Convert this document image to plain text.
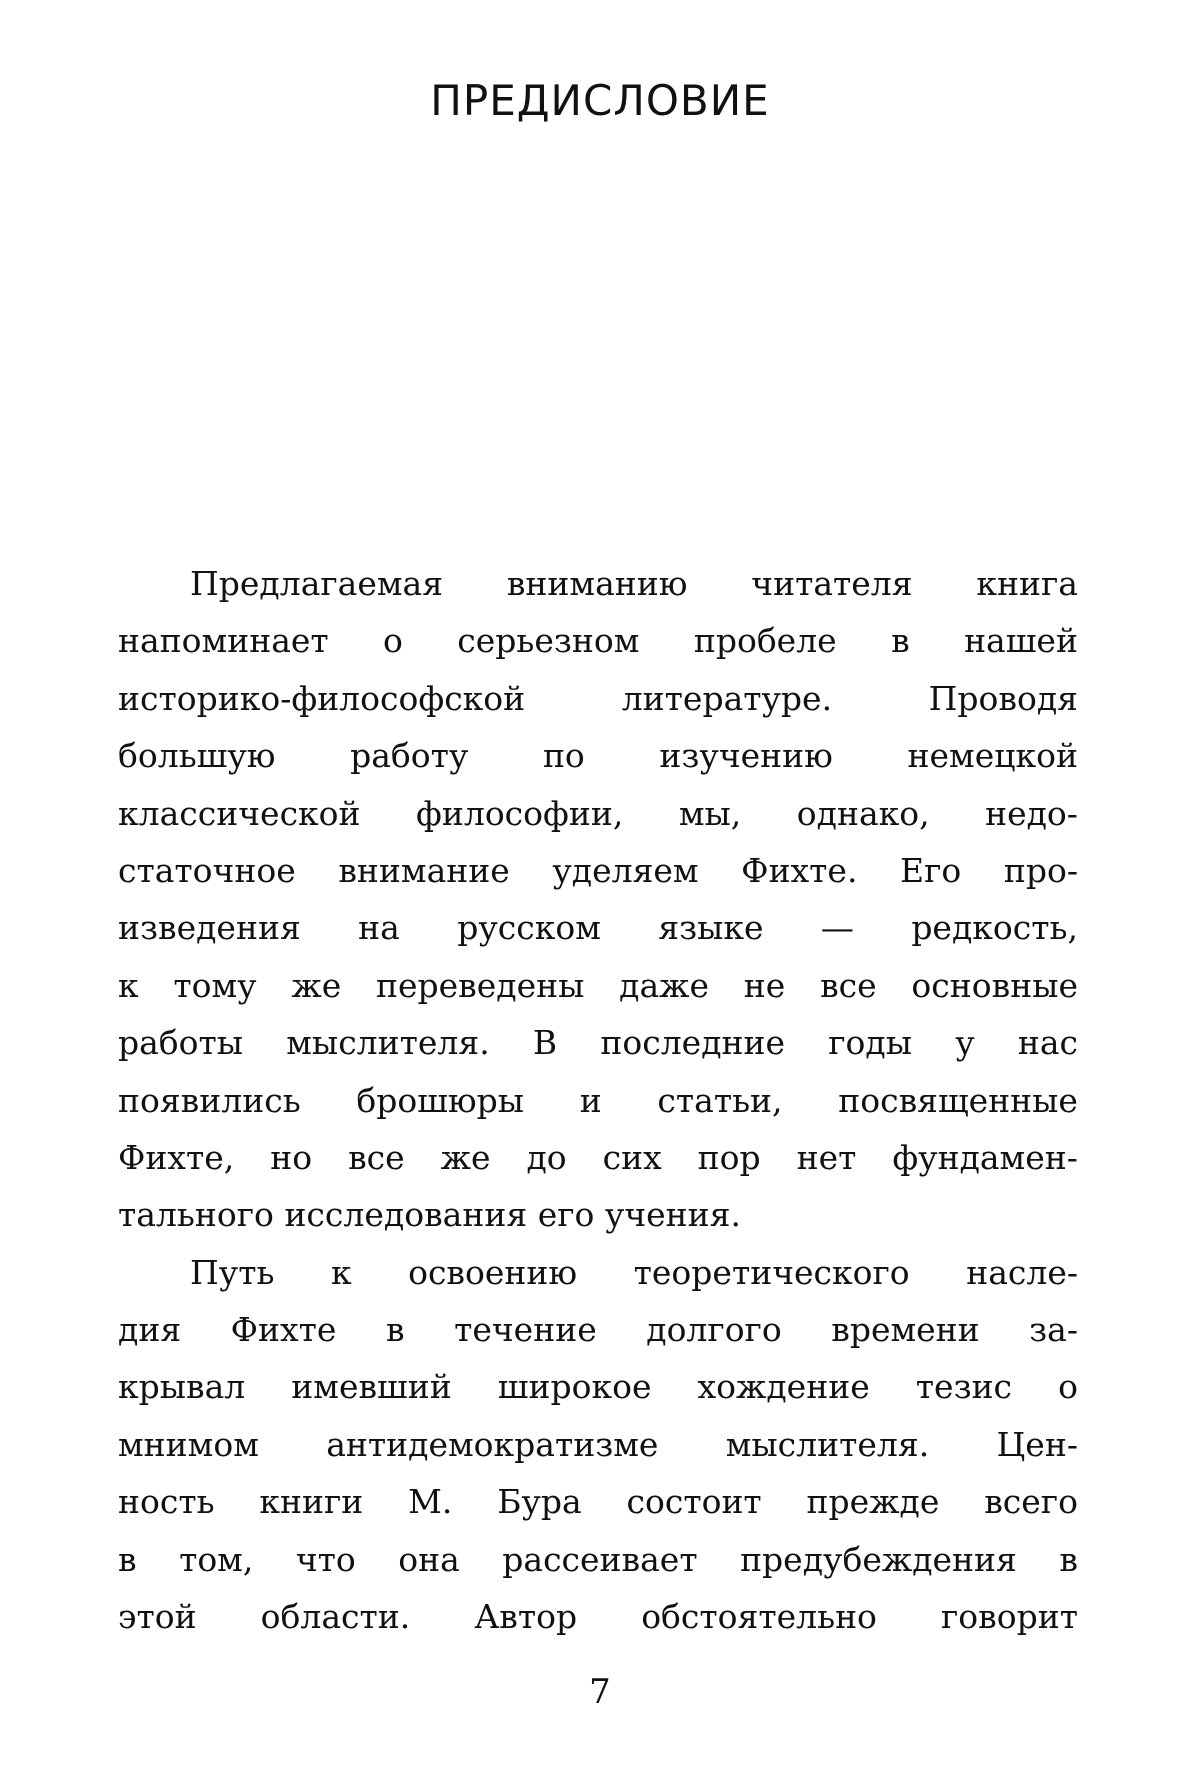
ПРЕДИСЛОВИЕ
Предлагаемая вниманию читателя книга
напоминает о серьезном пробеле в нашей
историко-философской	литературе.	Проводя
большую работу по изучению немецкой
классической философии, мы, однако, недо-
статочное внимание уделяем Фихте. Его про-
изведения на русском языке — редкость,
к тому же переведены даже не все основные
работы мыслителя. В последние годы у нас
появились брошюры и статьи, посвященные
Фихте, но все же до сих пор нет фундамен-
тального исследования его учения.
Путь к освоению теоретического насле-
дия Фихте в течение долгого времени за-
крывал имевший широкое хождение тезис о
мнимом антидемократизме мыслителя. Цен-
ность книги М. Бура состоит прежде всего
в том, что она рассеивает предубеждения в
этой области. Автор обстоятельно говорит
7
